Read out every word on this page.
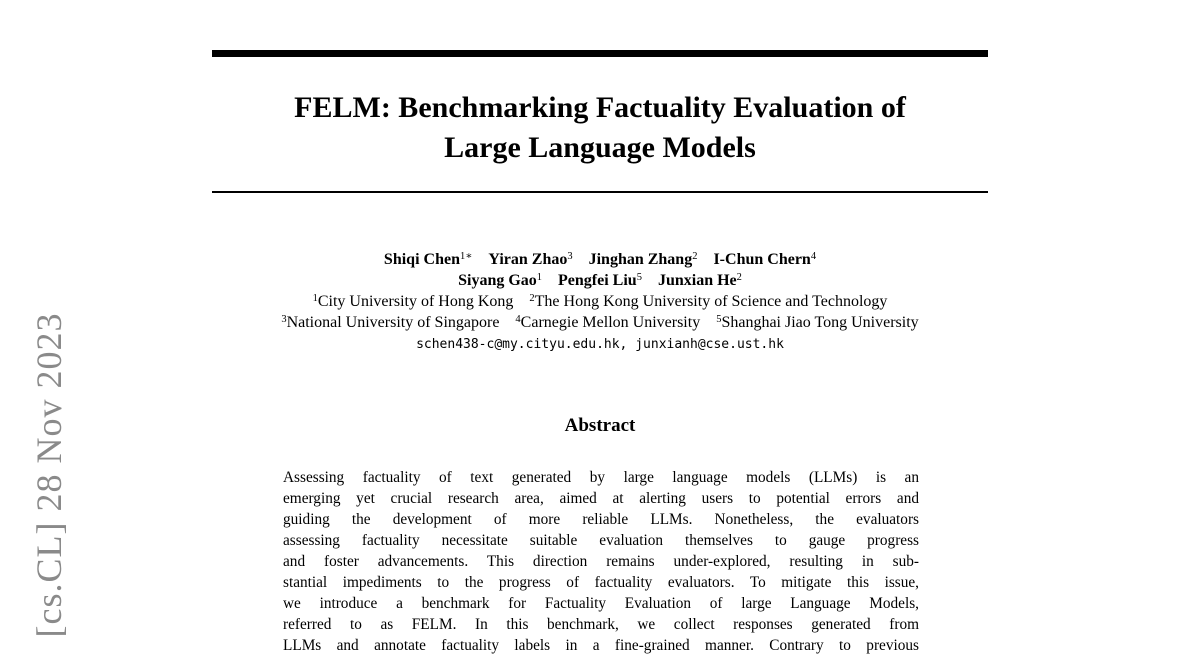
[cs.CL] 28 Nov 2023
FELM: Benchmarking Factuality Evaluation of
Large Language Models
Shiqi Chen$^{1∗}$ Yiran Zhao$^3$ Jinghan Zhang$^2$ I-Chun Chern$^4$
Siyang Gao$^1$ Pengfei Liu$^5$ Junxian He$^2$
$^1$City University of Hong Kong $^2$The Hong Kong University of Science and Technology
$^3$National University of Singapore $^4$Carnegie Mellon University $^5$Shanghai Jiao Tong University
schen438-c@my.cityu.edu.hk, junxianh@cse.ust.hk
Abstract
Assessing factuality of text generated by large language models (LLMs) is an
emerging yet crucial research area, aimed at alerting users to potential errors and
guiding the development of more reliable LLMs. Nonetheless, the evaluators
assessing factuality necessitate suitable evaluation themselves to gauge progress
and foster advancements. This direction remains under-explored, resulting in sub-
stantial impediments to the progress of factuality evaluators. To mitigate this issue,
we introduce a benchmark for Factuality Evaluation of large Language Models,
referred to as FELM. In this benchmark, we collect responses generated from
LLMs and annotate factuality labels in a fine-grained manner. Contrary to previous
